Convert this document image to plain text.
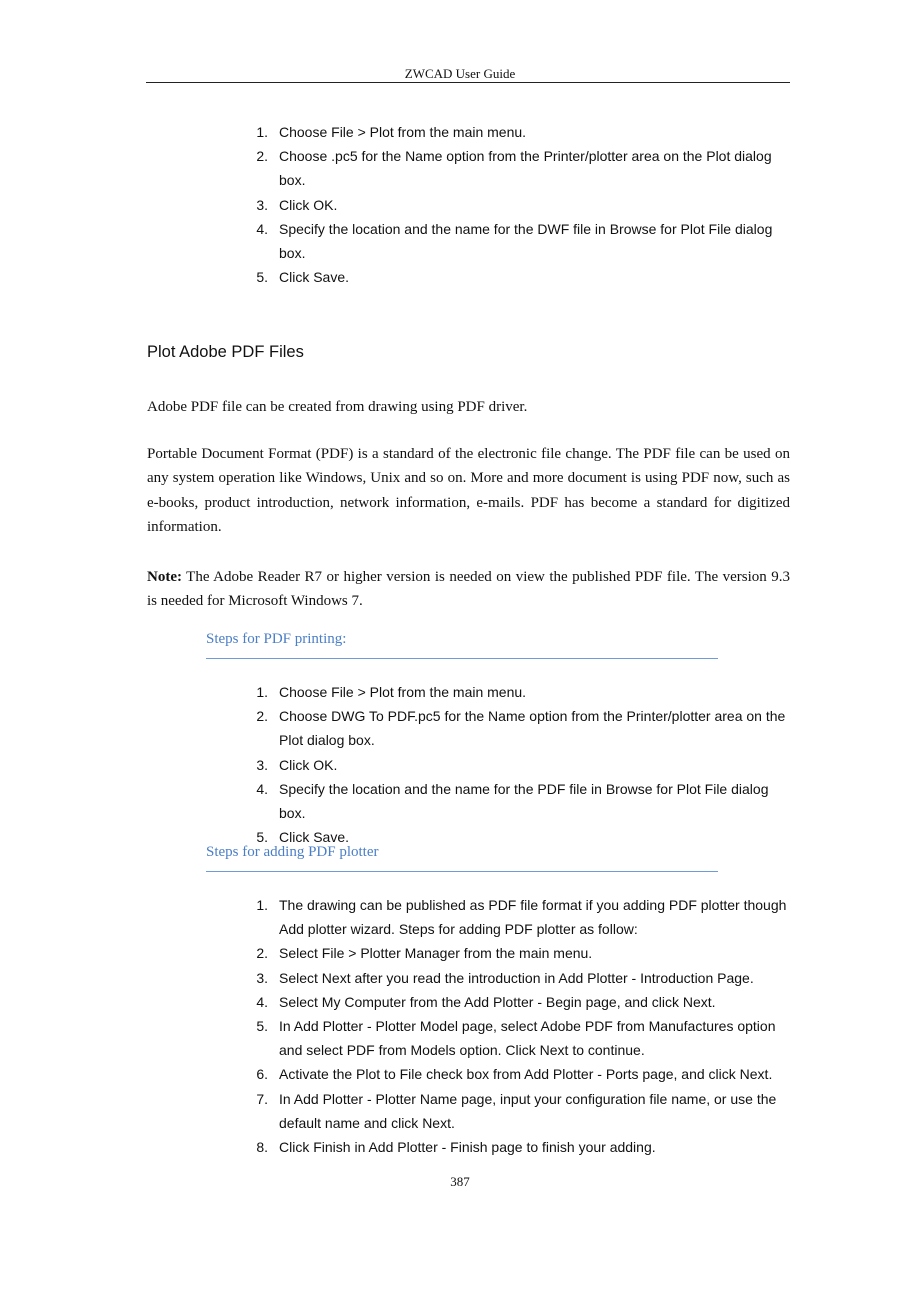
ZWCAD User Guide
1. Choose File > Plot from the main menu.
2. Choose .pc5 for the Name option from the Printer/plotter area on the Plot dialog box.
3. Click OK.
4. Specify the location and the name for the DWF file in Browse for Plot File dialog box.
5. Click Save.
Plot Adobe PDF Files

Adobe PDF file can be created from drawing using PDF driver.

Portable Document Format (PDF) is a standard of the electronic file change. The PDF file can be used on any system operation like Windows, Unix and so on. More and more document is using PDF now, such as e-books, product introduction, network information, e-mails. PDF has become a standard for digitized information.

Note: The Adobe Reader R7 or higher version is needed on view the published PDF file. The version 9.3 is needed for Microsoft Windows 7.

Steps for PDF printing:
1. Choose File > Plot from the main menu.
2. Choose DWG To PDF.pc5 for the Name option from the Printer/plotter area on the Plot dialog box.
3. Click OK.
4. Specify the location and the name for the PDF file in Browse for Plot File dialog box.
5. Click Save.
Steps for adding PDF plotter
1. The drawing can be published as PDF file format if you adding PDF plotter though Add plotter wizard. Steps for adding PDF plotter as follow:
2. Select File > Plotter Manager from the main menu.
3. Select Next after you read the introduction in Add Plotter - Introduction Page.
4. Select My Computer from the Add Plotter - Begin page, and click Next.
5. In Add Plotter - Plotter Model page, select Adobe PDF from Manufactures option and select PDF from Models option. Click Next to continue.
6. Activate the Plot to File check box from Add Plotter - Ports page, and click Next.
7. In Add Plotter - Plotter Name page, input your configuration file name, or use the default name and click Next.
8. Click Finish in Add Plotter - Finish page to finish your adding.
387
